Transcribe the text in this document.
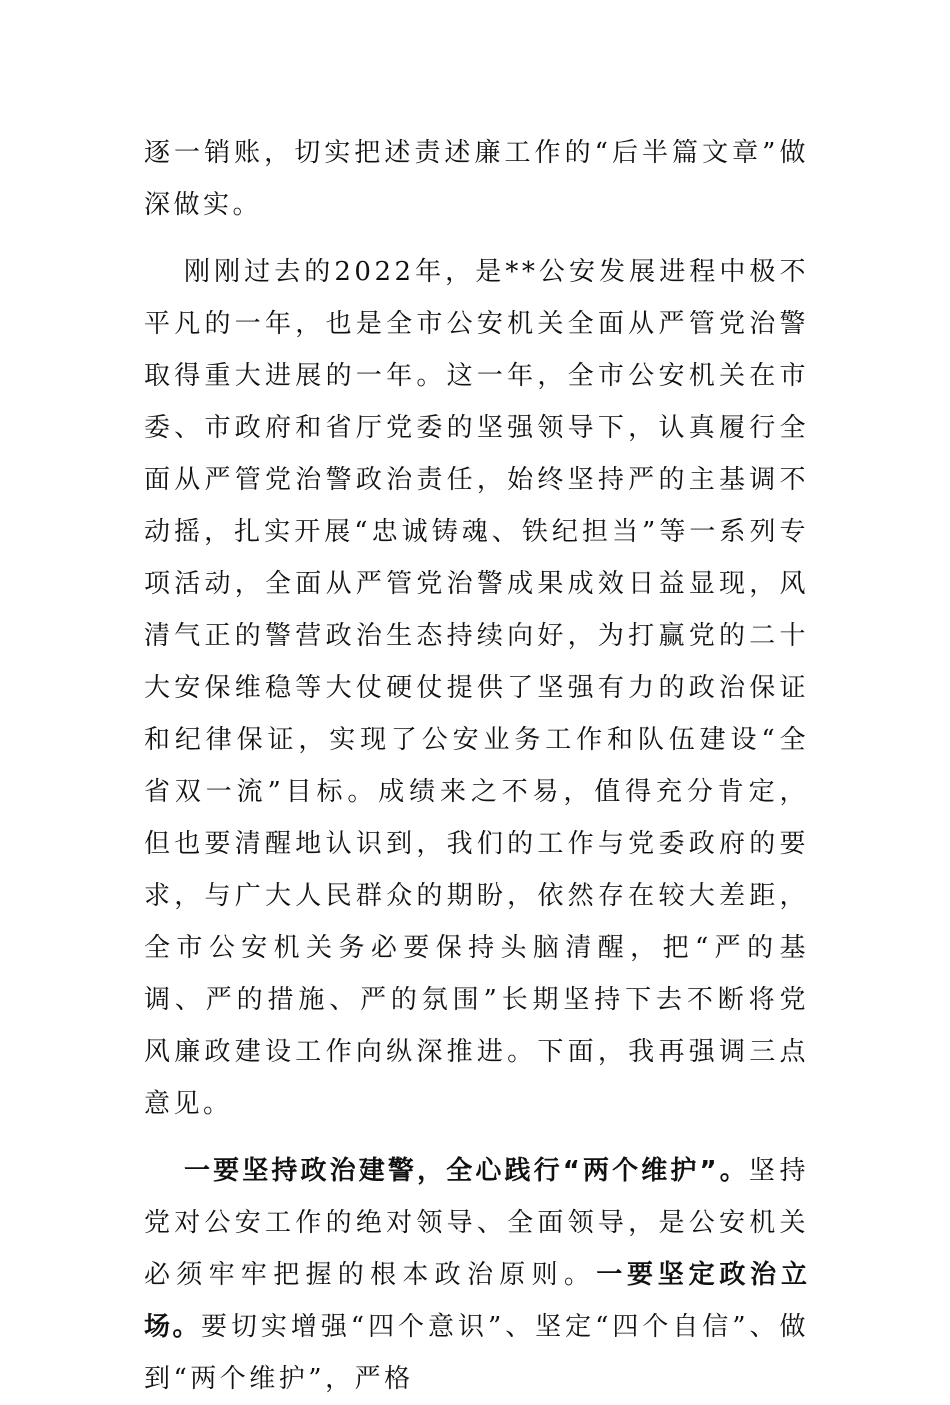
逐一销账，切实把述责述廉工作的“后半篇文章”做深做实。

刚刚过去的2022年，是**公安发展进程中极不平凡的一年，也是全市公安机关全面从严管党治警取得重大进展的一年。这一年，全市公安机关在市委、市政府和省厅党委的坚强领导下，认真履行全面从严管党治警政治责任，始终坚持严的主基调不动摇，扎实开展“忠诚铸魂、铁纪担当”等一系列专项活动，全面从严管党治警成果成效日益显现，风清气正的警营政治生态持续向好，为打赢党的二十大安保维稳等大仗硬仗提供了坚强有力的政治保证和纪律保证，实现了公安业务工作和队伍建设“全省双一流”目标。成绩来之不易，值得充分肯定，但也要清醒地认识到，我们的工作与党委政府的要求，与广大人民群众的期盼，依然存在较大差距，全市公安机关务必要保持头脑清醒，把“严的基调、严的措施、严的氛围”长期坚持下去不断将党风廉政建设工作向纵深推进。下面，我再强调三点意见。

一要坚持政治建警，全心践行“两个维护”。坚持党对公安工作的绝对领导、全面领导，是公安机关必须牢牢把握的根本政治原则。一要坚定政治立场。要切实增强“四个意识”、坚定“四个自信”、做到“两个维护”，严格
